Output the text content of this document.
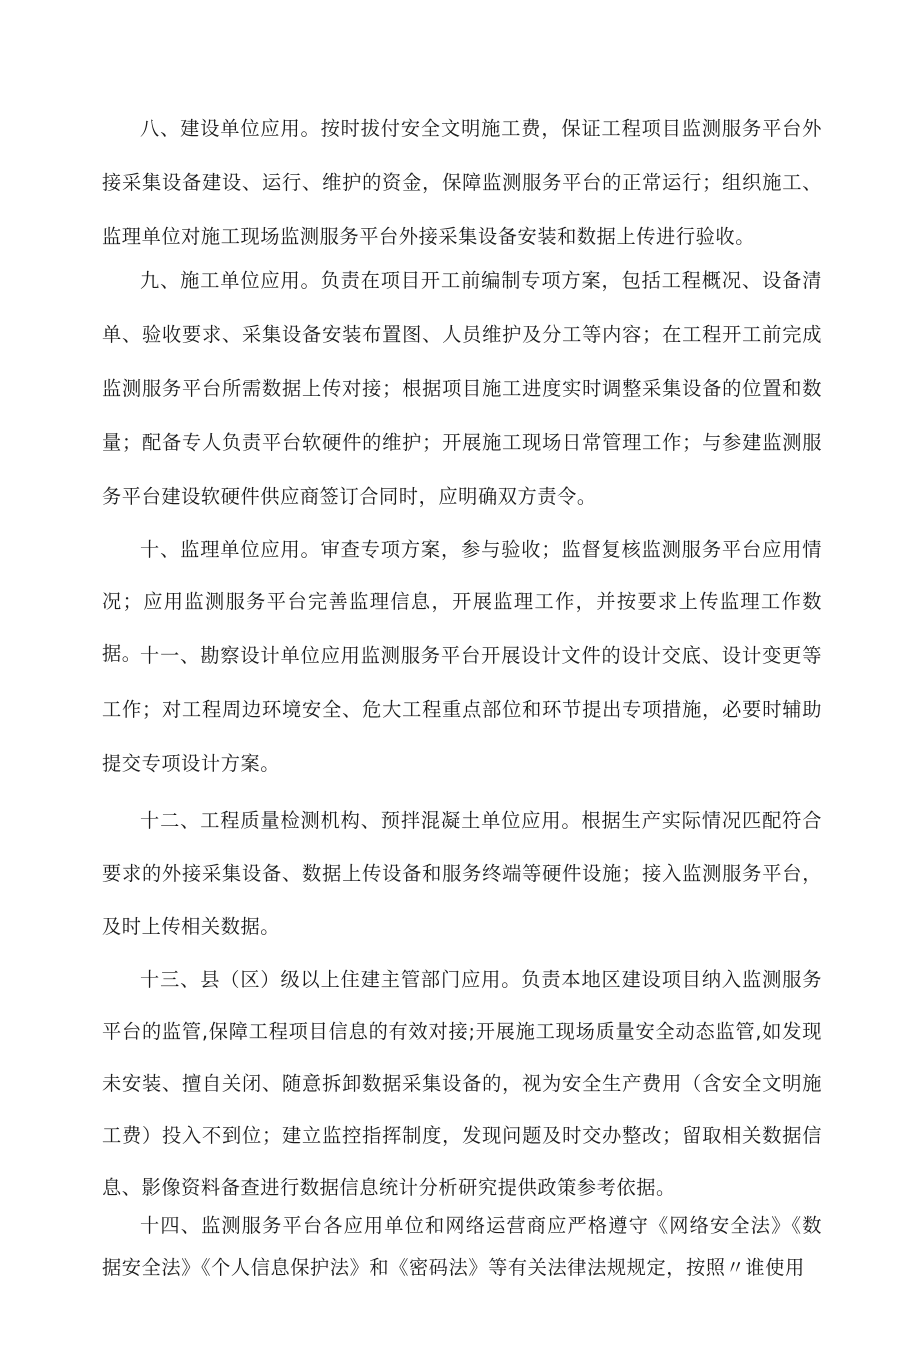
八、建设单位应用。按时拔付安全文明施工费，保证工程项目监测服务平台外接采集设备建设、运行、维护的资金，保障监测服务平台的正常运行；组织施工、监理单位对施工现场监测服务平台外接采集设备安装和数据上传进行验收。

九、施工单位应用。负责在项目开工前编制专项方案，包括工程概况、设备清单、验收要求、采集设备安装布置图、人员维护及分工等内容；在工程开工前完成监测服务平台所需数据上传对接；根据项目施工进度实时调整采集设备的位置和数量；配备专人负责平台软硬件的维护；开展施工现场日常管理工作；与参建监测服务平台建设软硬件供应商签订合同时，应明确双方责令。

十、监理单位应用。审查专项方案，参与验收；监督复核监测服务平台应用情况；应用监测服务平台完善监理信息，开展监理工作，并按要求上传监理工作数据。

十一、勘察设计单位应用监测服务平台开展设计文件的设计交底、设计变更等工作；对工程周边环境安全、危大工程重点部位和环节提出专项措施，必要时辅助提交专项设计方案。

十二、工程质量检测机构、预拌混凝土单位应用。根据生产实际情况匹配符合要求的外接采集设备、数据上传设备和服务终端等硬件设施；接入监测服务平台，及时上传相关数据。

十三、县（区）级以上住建主管部门应用。负责本地区建设项目纳入监测服务平台的监管,保障工程项目信息的有效对接;开展施工现场质量安全动态监管,如发现未安装、擅自关闭、随意拆卸数据采集设备的，视为安全生产费用（含安全文明施工费）投入不到位；建立监控指挥制度，发现问题及时交办整改；留取相关数据信息、影像资料备查进行数据信息统计分析研究提供政策参考依据。

十四、监测服务平台各应用单位和网络运营商应严格遵守《网络安全法》《数据安全法》《个人信息保护法》和《密码法》等有关法律法规规定，按照〃谁使用
